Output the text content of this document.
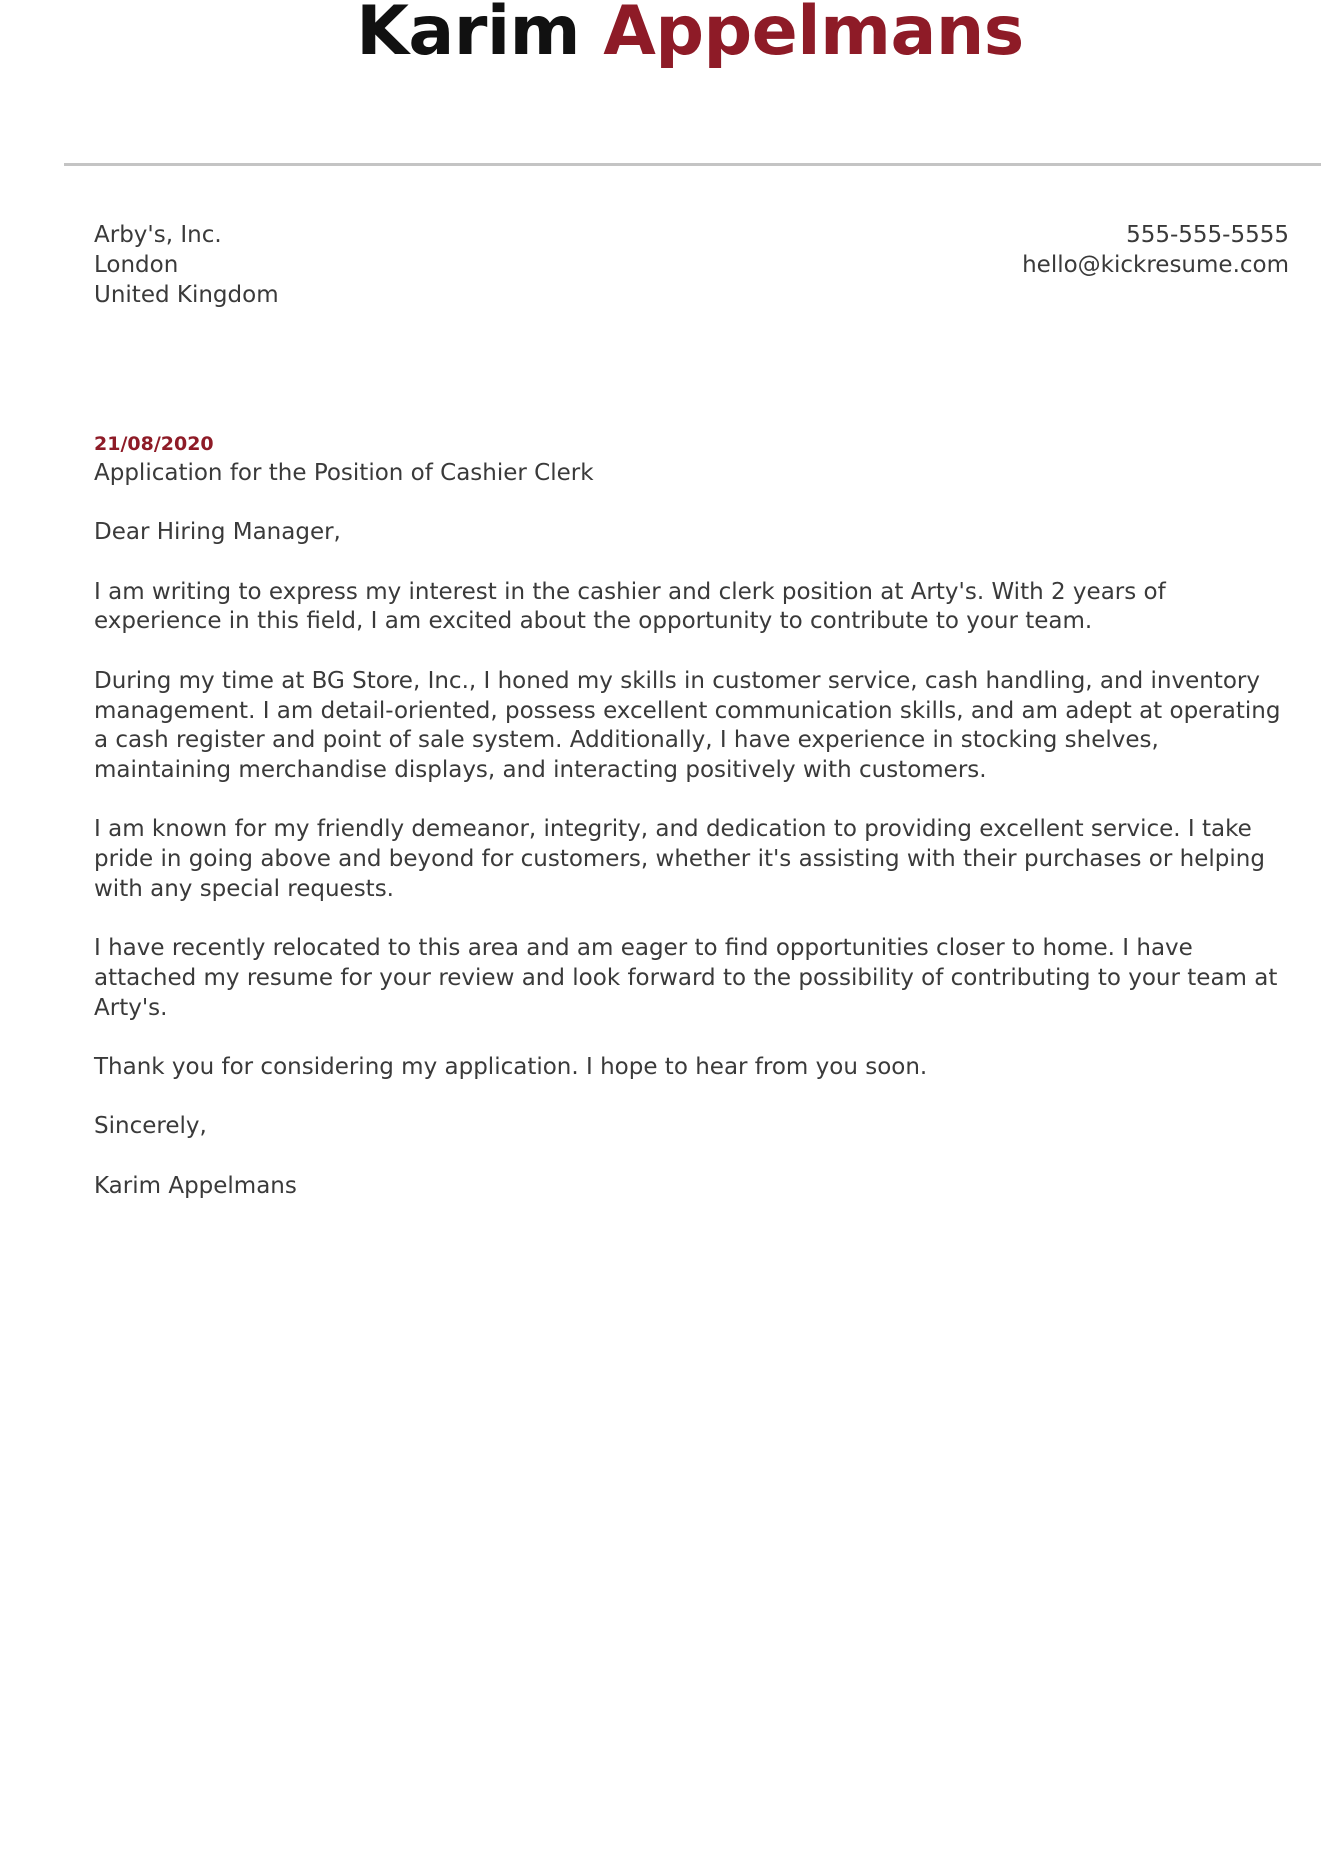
Karim Appelmans
Arby's, Inc.
London
United Kingdom
555-555-5555
hello@kickresume.com
21/08/2020

Application for the Position of Cashier Clerk

Dear Hiring Manager,

I am writing to express my interest in the cashier and clerk position at Arty's. With 2 years of experience in this field, I am excited about the opportunity to contribute to your team.

During my time at BG Store, Inc., I honed my skills in customer service, cash handling, and inventory management. I am detail-oriented, possess excellent communication skills, and am adept at operating a cash register and point of sale system. Additionally, I have experience in stocking shelves, maintaining merchandise displays, and interacting positively with customers.

I am known for my friendly demeanor, integrity, and dedication to providing excellent service. I take pride in going above and beyond for customers, whether it's assisting with their purchases or helping with any special requests.

I have recently relocated to this area and am eager to find opportunities closer to home. I have attached my resume for your review and look forward to the possibility of contributing to your team at Arty's.

Thank you for considering my application. I hope to hear from you soon.

Sincerely,

Karim Appelmans
